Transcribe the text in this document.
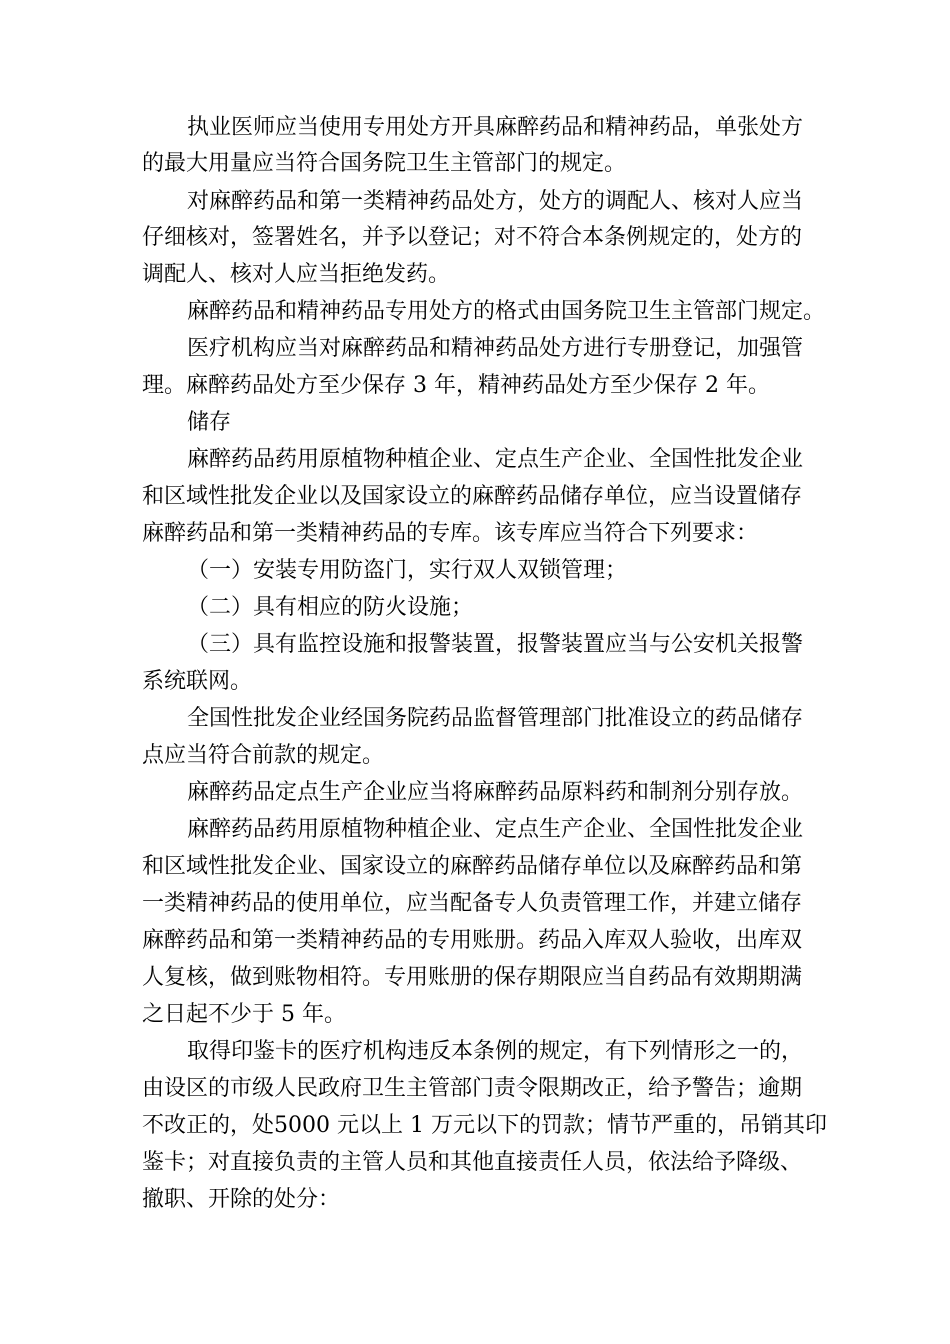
执业医师应当使用专用处方开具麻醉药品和精神药品，单张处方
的最大用量应当符合国务院卫生主管部门的规定。
对麻醉药品和第一类精神药品处方，处方的调配人、核对人应当
仔细核对，签署姓名，并予以登记；对不符合本条例规定的，处方的
调配人、核对人应当拒绝发药。
麻醉药品和精神药品专用处方的格式由国务院卫生主管部门规定。
医疗机构应当对麻醉药品和精神药品处方进行专册登记，加强管
理。麻醉药品处方至少保存 3 年，精神药品处方至少保存 2 年。
储存
麻醉药品药用原植物种植企业、定点生产企业、全国性批发企业
和区域性批发企业以及国家设立的麻醉药品储存单位，应当设置储存
麻醉药品和第一类精神药品的专库。该专库应当符合下列要求：
（一）安装专用防盗门，实行双人双锁管理；
（二）具有相应的防火设施；
（三）具有监控设施和报警装置，报警装置应当与公安机关报警
系统联网。
全国性批发企业经国务院药品监督管理部门批准设立的药品储存
点应当符合前款的规定。
麻醉药品定点生产企业应当将麻醉药品原料药和制剂分别存放。
麻醉药品药用原植物种植企业、定点生产企业、全国性批发企业
和区域性批发企业、国家设立的麻醉药品储存单位以及麻醉药品和第
一类精神药品的使用单位，应当配备专人负责管理工作，并建立储存
麻醉药品和第一类精神药品的专用账册。药品入库双人验收，出库双
人复核，做到账物相符。专用账册的保存期限应当自药品有效期期满
之日起不少于 5 年。
取得印鉴卡的医疗机构违反本条例的规定，有下列情形之一的，
由设区的市级人民政府卫生主管部门责令限期改正，给予警告；逾期
不改正的，处5000 元以上 1 万元以下的罚款；情节严重的，吊销其印
鉴卡；对直接负责的主管人员和其他直接责任人员，依法给予降级、
撤职、开除的处分：
